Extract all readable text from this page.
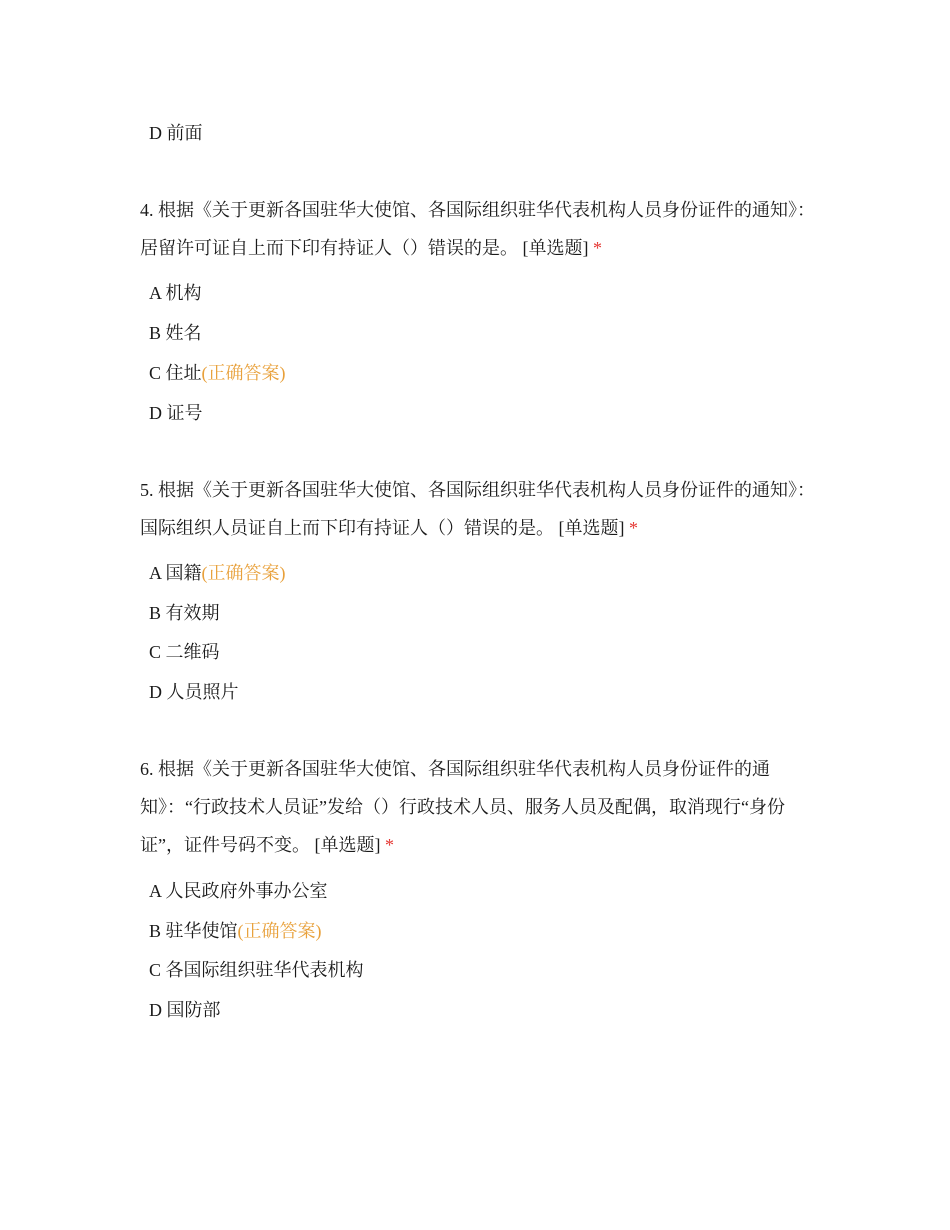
D 前面
4. 根据《关于更新各国驻华大使馆、各国际组织驻华代表机构人员身份证件的通知》：居留许可证自上而下印有持证人（）错误的是。 [单选题] *
A 机构
B 姓名
C 住址(正确答案)
D 证号
5. 根据《关于更新各国驻华大使馆、各国际组织驻华代表机构人员身份证件的通知》：国际组织人员证自上而下印有持证人（）错误的是。 [单选题] *
A 国籍(正确答案)
B 有效期
C 二维码
D 人员照片
6. 根据《关于更新各国驻华大使馆、各国际组织驻华代表机构人员身份证件的通知》：“行政技术人员证”发给（）行政技术人员、服务人员及配偶，取消现行“身份证”，证件号码不变。 [单选题] *
A 人民政府外事办公室
B 驻华使馆(正确答案)
C 各国际组织驻华代表机构
D 国防部
